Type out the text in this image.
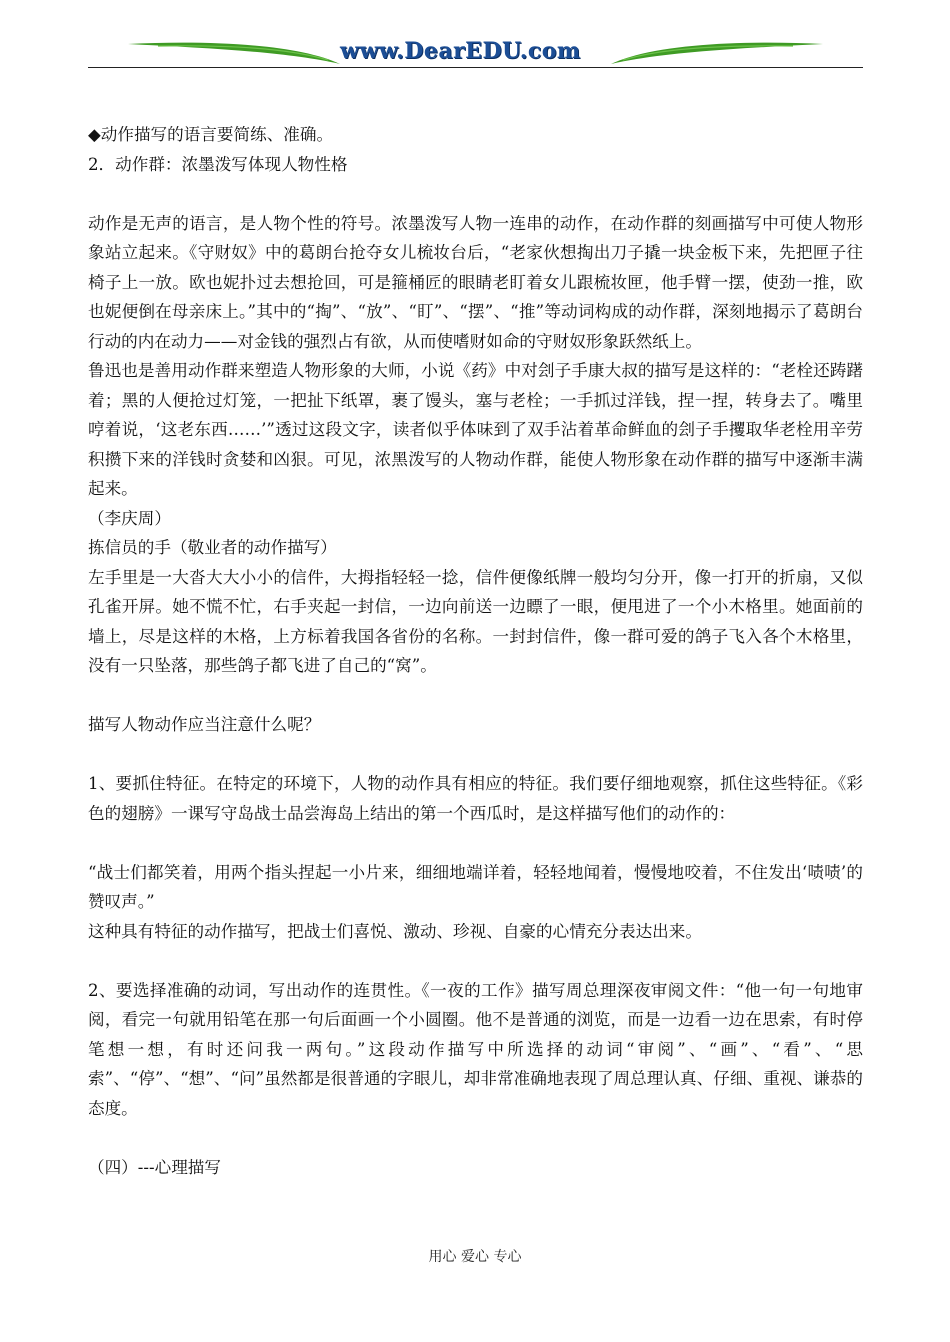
www.DearEDU.com

◆动作描写的语言要简练、准确。

2．动作群：浓墨泼写体现人物性格

动作是无声的语言，是人物个性的符号。浓墨泼写人物一连串的动作，在动作群的刻画描写中可使人物形象站立起来。《守财奴》中的葛朗台抢夺女儿梳妆台后，“老家伙想掏出刀子撬一块金板下来，先把匣子往椅子上一放。欧也妮扑过去想抢回，可是箍桶匠的眼睛老盯着女儿跟梳妆匣，他手臂一摆，使劲一推，欧也妮便倒在母亲床上。”其中的“掏”、“放”、“盯”、“摆”、“推”等动词构成的动作群，深刻地揭示了葛朗台行动的内在动力——对金钱的强烈占有欲，从而使嗜财如命的守财奴形象跃然纸上。

鲁迅也是善用动作群来塑造人物形象的大师，小说《药》中对刽子手康大叔的描写是这样的：“老栓还踌躇着；黑的人便抢过灯笼，一把扯下纸罩，裹了馒头，塞与老栓；一手抓过洋钱，捏一捏，转身去了。嘴里哼着说，‘这老东西……’”透过这段文字，读者似乎体味到了双手沾着革命鲜血的刽子手攫取华老栓用辛劳积攒下来的洋钱时贪婪和凶狠。可见，浓黑泼写的人物动作群，能使人物形象在动作群的描写中逐渐丰满起来。

（李庆周）

拣信员的手（敬业者的动作描写）

左手里是一大沓大大小小的信件，大拇指轻轻一捻，信件便像纸牌一般均匀分开，像一打开的折扇，又似孔雀开屏。她不慌不忙，右手夹起一封信，一边向前送一边瞟了一眼，便甩进了一个小木格里。她面前的墙上，尽是这样的木格，上方标着我国各省份的名称。一封封信件，像一群可爱的鸽子飞入各个木格里，没有一只坠落，那些鸽子都飞进了自己的“窝”。

描写人物动作应当注意什么呢？

1、要抓住特征。在特定的环境下，人物的动作具有相应的特征。我们要仔细地观察，抓住这些特征。《彩色的翅膀》一课写守岛战士品尝海岛上结出的第一个西瓜时，是这样描写他们的动作的：

“战士们都笑着，用两个指头捏起一小片来，细细地端详着，轻轻地闻着，慢慢地咬着，不住发出‘啧啧’的赞叹声。”

这种具有特征的动作描写，把战士们喜悦、激动、珍视、自豪的心情充分表达出来。

2、要选择准确的动词，写出动作的连贯性。《一夜的工作》描写周总理深夜审阅文件：“他一句一句地审阅，看完一句就用铅笔在那一句后面画一个小圆圈。他不是普通的浏览，而是一边看一边在思索，有时停笔想一想，有时还问我一两句。”这段动作描写中所选择的动词“审阅”、“画”、“看”、“思索”、“停”、“想”、“问”虽然都是很普通的字眼儿，却非常准确地表现了周总理认真、仔细、重视、谦恭的态度。

（四）---心理描写

用心 爱心 专心
